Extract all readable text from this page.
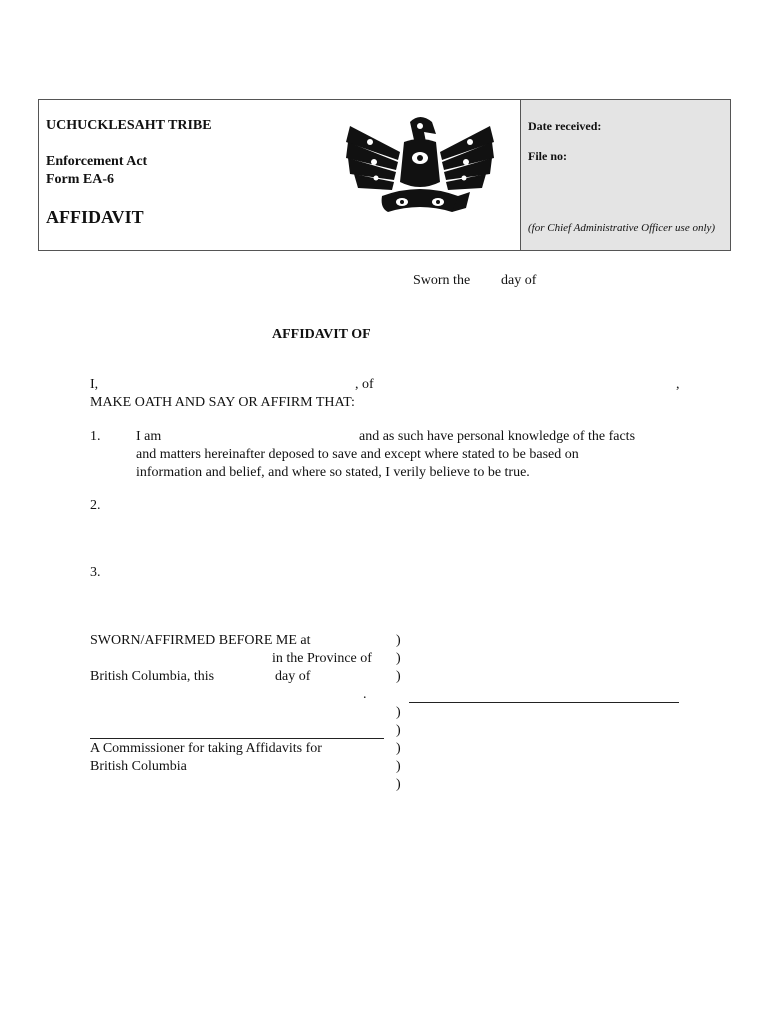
UCHUCKLESAHT TRIBE
Enforcement Act
Form EA-6
AFFIDAVIT
Date received:
File no:
(for Chief Administrative Officer use only)
Sworn the day of
AFFIDAVIT OF
I,	, of	,
MAKE OATH AND SAY OR AFFIRM THAT:
1.	I am	and as such have personal knowledge of the facts
and matters hereinafter deposed to save and except where stated to be based on
information and belief, and where so stated, I verily believe to be true.
2.
3.
SWORN/AFFIRMED BEFORE ME at
in the Province of
British Columbia, this	day of
.
)
)
)
)
)
)
)
)
A Commissioner for taking Affidavits for
British Columbia
